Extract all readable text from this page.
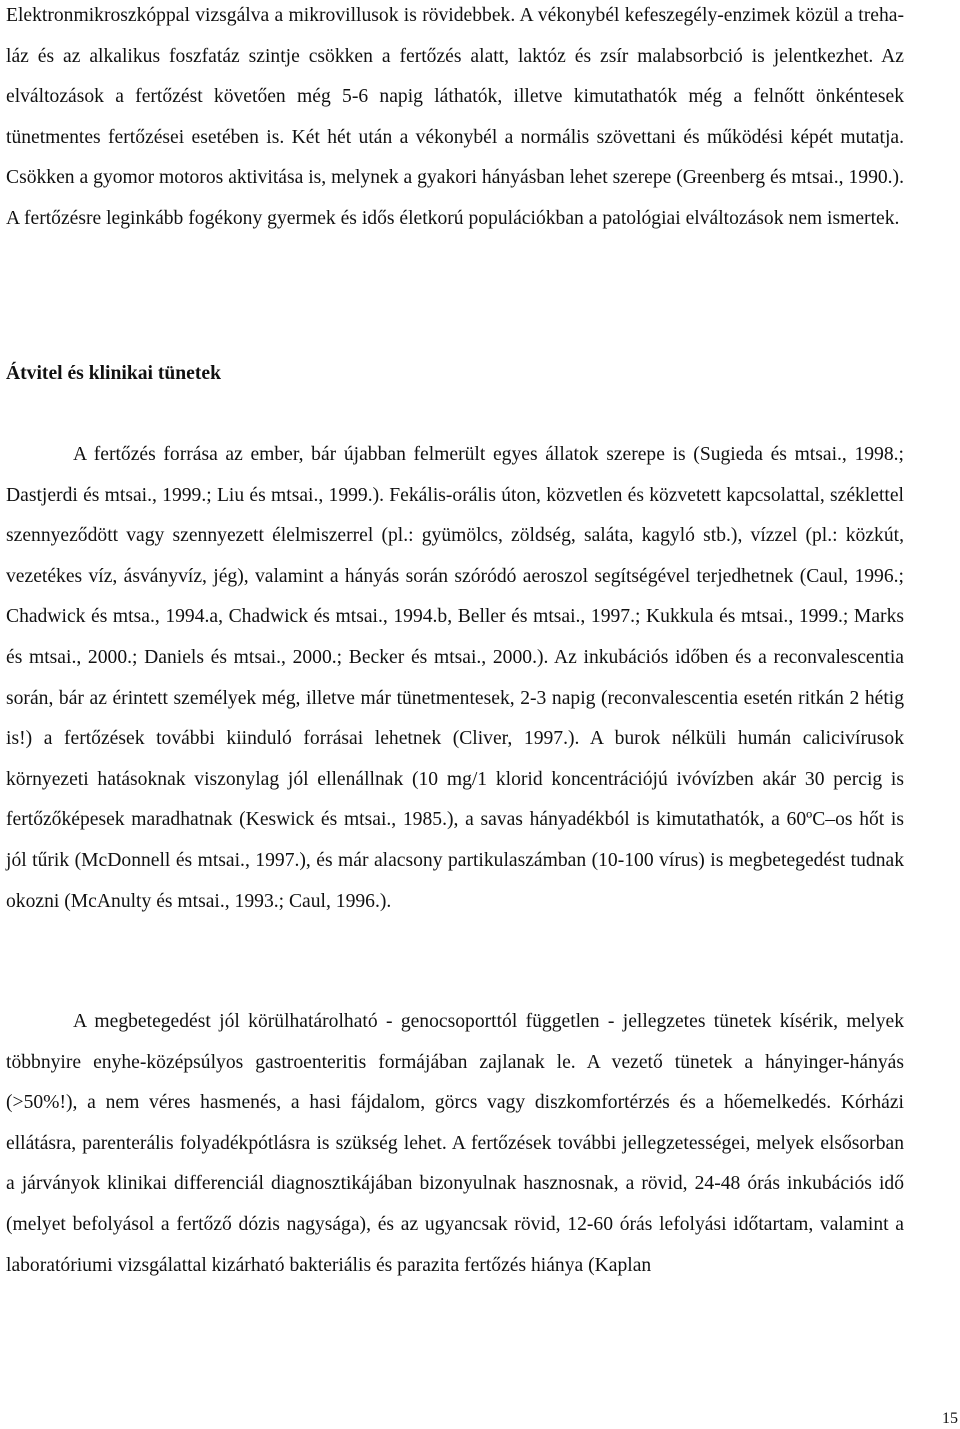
Elektronmikroszkóppal vizsgálva a mikrovillusok is rövidebbek. A vékonybél kefeszegély-enzimek közül a trehaláz és az alkalikus foszfatáz szintje csökken a fertőzés alatt, laktóz és zsír malabsorbció is jelentkezhet. Az elváltozások a fertőzést követően még 5-6 napig láthatók, illetve kimutathatók még a felnőtt önkéntesek tünetmentes fertőzései esetében is. Két hét után a vékonybél a normális szövettani és működési képét mutatja. Csökken a gyomor motoros aktivitása is, melynek a gyakori hányásban lehet szerepe (Greenberg és mtsai., 1990.). A fertőzésre leginkább fogékony gyermek és idős életkorú populációkban a patológiai elváltozások nem ismertek.

Átvitel és klinikai tünetek

A fertőzés forrása az ember, bár újabban felmerült egyes állatok szerepe is (Sugieda és mtsai., 1998.; Dastjerdi és mtsai., 1999.; Liu és mtsai., 1999.). Fekális-orális úton, közvetlen és közvetett kapcsolattal, széklettel szennyeződött vagy szennyezett élelmiszerrel (pl.: gyümölcs, zöldség, saláta, kagyló stb.), vízzel (pl.: közkút, vezetékes víz, ásványvíz, jég), valamint a hányás során szóródó aeroszol segítségével terjedhetnek (Caul, 1996.; Chadwick és mtsa., 1994.a, Chadwick és mtsai., 1994.b, Beller és mtsai., 1997.; Kukkula és mtsai., 1999.; Marks és mtsai., 2000.; Daniels és mtsai., 2000.; Becker és mtsai., 2000.). Az inkubációs időben és a reconvalescentia során, bár az érintett személyek még, illetve már tünetmentesek, 2-3 napig (reconvalescentia esetén ritkán 2 hétig is!) a fertőzések további kiinduló forrásai lehetnek (Cliver, 1997.). A burok nélküli humán calicivírusok környezeti hatásoknak viszonylag jól ellenállnak (10 mg/1 klorid koncentrációjú ivóvízben akár 30 percig is fertőzőképesek maradhatnak (Keswick és mtsai., 1985.), a savas hányadékból is kimutathatók, a 60ºC–os hőt is jól tűrik (McDonnell és mtsai., 1997.), és már alacsony partikulaszámban (10-100 vírus) is megbetegedést tudnak okozni (McAnulty és mtsai., 1993.; Caul, 1996.).

A megbetegedést jól körülhatárolható - genocsoporttól független - jellegzetes tünetek kísérik, melyek többnyire enyhe-középsúlyos gastroenteritis formájában zajlanak le. A vezető tünetek a hányinger-hányás (>50%!), a nem véres hasmenés, a hasi fájdalom, görcs vagy diszkomfortérzés és a hőemelkedés. Kórházi ellátásra, parenterális folyadékpótlásra is szükség lehet. A fertőzések további jellegzetességei, melyek elsősorban a járványok klinikai differenciál diagnosztikájában bizonyulnak hasznosnak, a rövid, 24-48 órás inkubációs idő (melyet befolyásol a fertőző dózis nagysága), és az ugyancsak rövid, 12-60 órás lefolyási időtartam, valamint a laboratóriumi vizsgálattal kizárható bakteriális és parazita fertőzés hiánya (Kaplan

15
